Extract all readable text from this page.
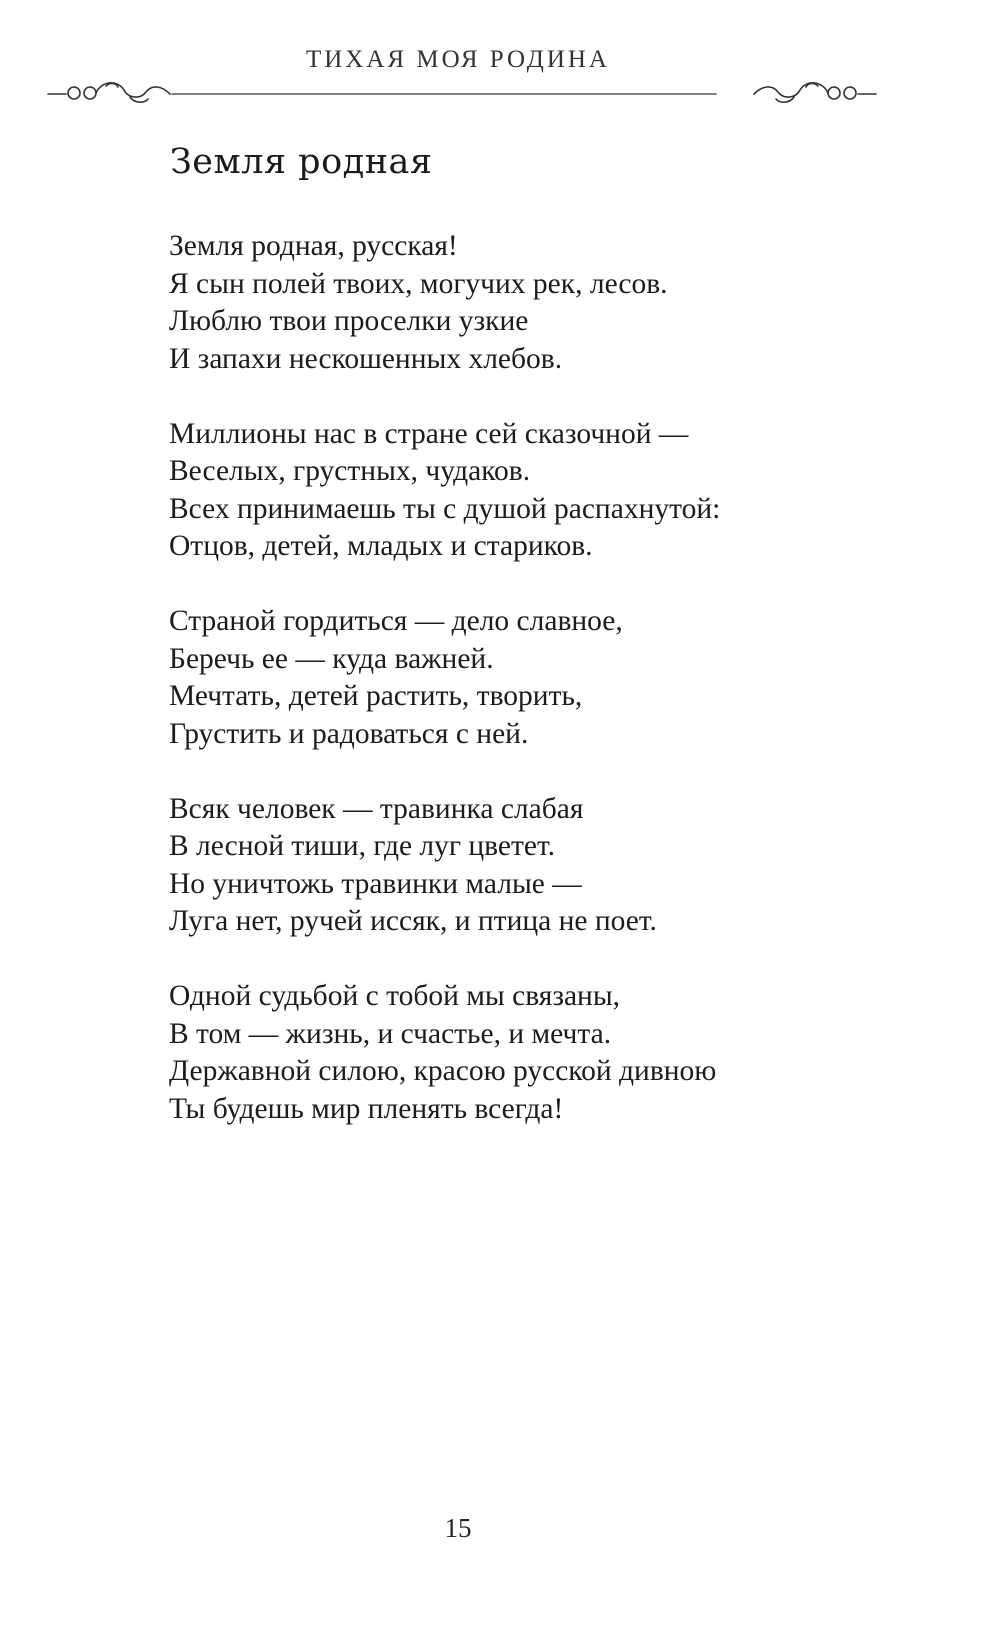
ТИХАЯ МОЯ РОДИНА
Земля родная
Земля родная, русская!
Я сын полей твоих, могучих рек, лесов.
Люблю твои проселки узкие
И запахи нескошенных хлебов.
Миллионы нас в стране сей сказочной —
Веселых, грустных, чудаков.
Всех принимаешь ты с душой распахнутой:
Отцов, детей, младых и стариков.
Страной гордиться — дело славное,
Беречь ее — куда важней.
Мечтать, детей растить, творить,
Грустить и радоваться с ней.
Всяк человек — травинка слабая
В лесной тиши, где луг цветет.
Но уничтожь травинки малые —
Луга нет, ручей иссяк, и птица не поет.
Одной судьбой с тобой мы связаны,
В том — жизнь, и счастье, и мечта.
Державной силою, красою русской дивною
Ты будешь мир пленять всегда!
15
